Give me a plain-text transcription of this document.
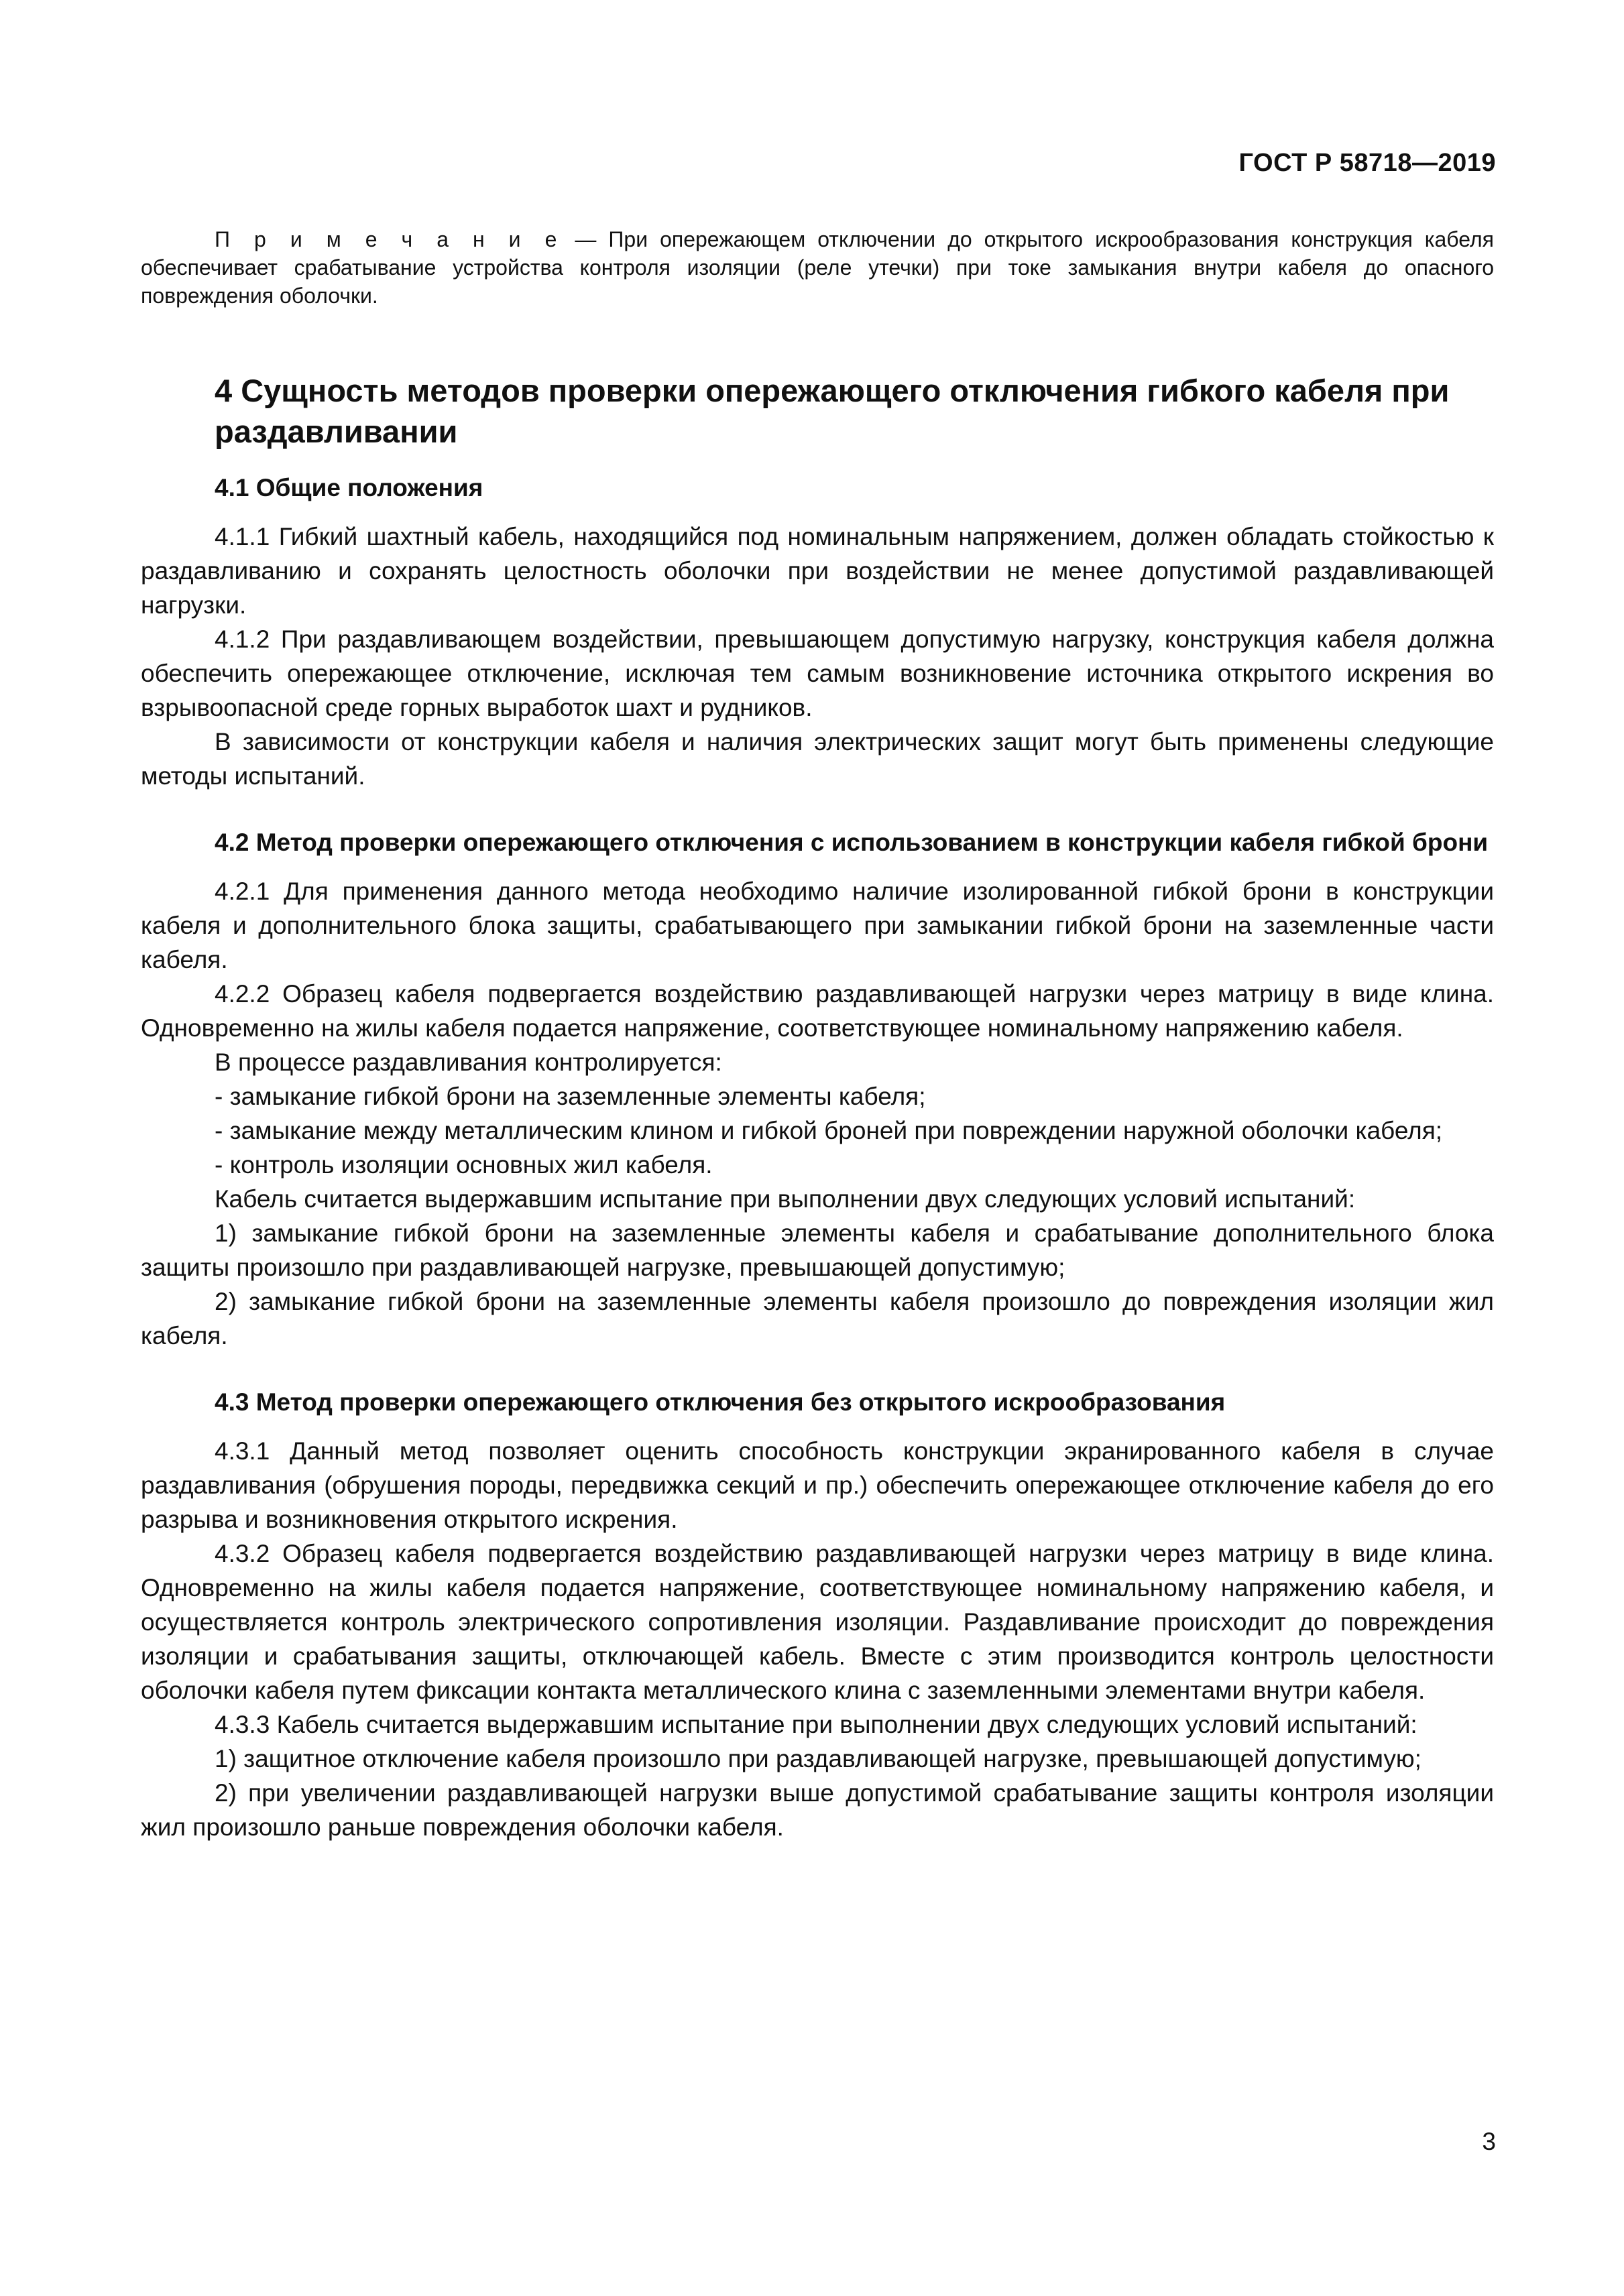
ГОСТ Р 58718—2019
П р и м е ч а н и е — При опережающем отключении до открытого искрообразования конструкция кабеля обеспечивает срабатывание устройства контроля изоляции (реле утечки) при токе замыкания внутри кабеля до опасного повреждения оболочки.
4 Сущность методов проверки опережающего отключения гибкого кабеля при раздавливании
4.1 Общие положения

4.1.1 Гибкий шахтный кабель, находящийся под номинальным напряжением, должен обладать стойкостью к раздавливанию и сохранять целостность оболочки при воздействии не менее допустимой раздавливающей нагрузки.

4.1.2 При раздавливающем воздействии, превышающем допустимую нагрузку, конструкция кабеля должна обеспечить опережающее отключение, исключая тем самым возникновение источника открытого искрения во взрывоопасной среде горных выработок шахт и рудников.

В зависимости от конструкции кабеля и наличия электрических защит могут быть применены следующие методы испытаний.

4.2 Метод проверки опережающего отключения с использованием в конструкции кабеля гибкой брони

4.2.1 Для применения данного метода необходимо наличие изолированной гибкой брони в конструкции кабеля и дополнительного блока защиты, срабатывающего при замыкании гибкой брони на заземленные части кабеля.

4.2.2 Образец кабеля подвергается воздействию раздавливающей нагрузки через матрицу в виде клина. Одновременно на жилы кабеля подается напряжение, соответствующее номинальному напряжению кабеля.

В процессе раздавливания контролируется:

- замыкание гибкой брони на заземленные элементы кабеля;

- замыкание между металлическим клином и гибкой броней при повреждении наружной оболочки кабеля;

- контроль изоляции основных жил кабеля.

Кабель считается выдержавшим испытание при выполнении двух следующих условий испытаний:

1) замыкание гибкой брони на заземленные элементы кабеля и срабатывание дополнительного блока защиты произошло при раздавливающей нагрузке, превышающей допустимую;

2) замыкание гибкой брони на заземленные элементы кабеля произошло до повреждения изоляции жил кабеля.

4.3 Метод проверки опережающего отключения без открытого искрообразования

4.3.1 Данный метод позволяет оценить способность конструкции экранированного кабеля в случае раздавливания (обрушения породы, передвижка секций и пр.) обеспечить опережающее отключение кабеля до его разрыва и возникновения открытого искрения.

4.3.2 Образец кабеля подвергается воздействию раздавливающей нагрузки через матрицу в виде клина. Одновременно на жилы кабеля подается напряжение, соответствующее номинальному напряжению кабеля, и осуществляется контроль электрического сопротивления изоляции. Раздавливание происходит до повреждения изоляции и срабатывания защиты, отключающей кабель. Вместе с этим производится контроль целостности оболочки кабеля путем фиксации контакта металлического клина с заземленными элементами внутри кабеля.

4.3.3 Кабель считается выдержавшим испытание при выполнении двух следующих условий испытаний:

1) защитное отключение кабеля произошло при раздавливающей нагрузке, превышающей допустимую;

2) при увеличении раздавливающей нагрузки выше допустимой срабатывание защиты контроля изоляции жил произошло раньше повреждения оболочки кабеля.

3
